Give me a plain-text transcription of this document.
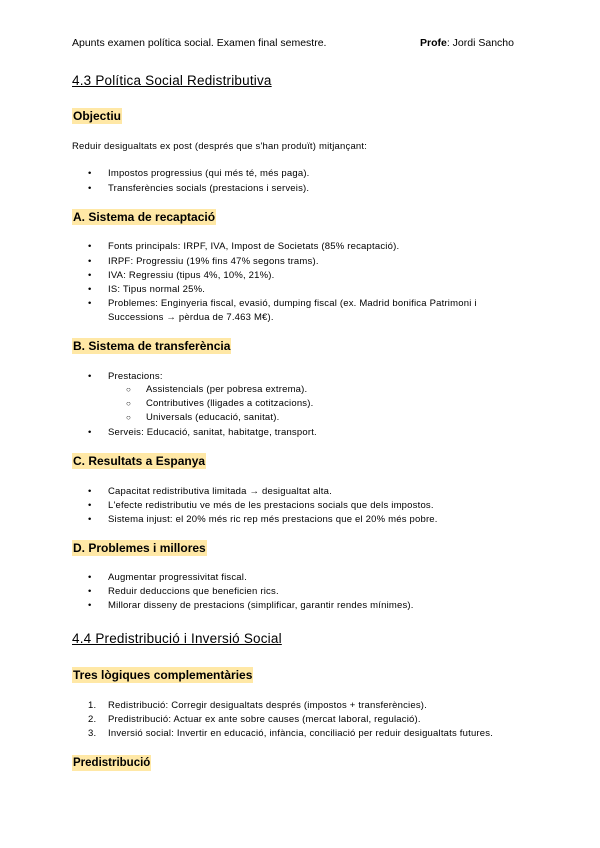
Apunts examen política social. Examen final semestre.	Profe: Jordi Sancho
4.3 Política Social Redistributiva
Objectiu
Reduir desigualtats ex post (després que s'han produït) mitjançant:
• Impostos progressius (qui més té, més paga).
• Transferències socials (prestacions i serveis).
A. Sistema de recaptació
• Fonts principals: IRPF, IVA, Impost de Societats (85% recaptació).
• IRPF: Progressiu (19% fins 47% segons trams).
• IVA: Regressiu (tipus 4%, 10%, 21%).
• IS: Tipus normal 25%.
• Problemes: Enginyeria fiscal, evasió, dumping fiscal (ex. Madrid bonifica Patrimoni i
Successions → pèrdua de 7.463 M€).
B. Sistema de transferència
• Prestacions:
○ Assistencials (per pobresa extrema).
○ Contributives (lligades a cotitzacions).
○ Universals (educació, sanitat).
• Serveis: Educació, sanitat, habitatge, transport.
C. Resultats a Espanya
• Capacitat redistributiva limitada → desigualtat alta.
• L'efecte redistributiu ve més de les prestacions socials que dels impostos.
• Sistema injust: el 20% més ric rep més prestacions que el 20% més pobre.
D. Problemes i millores
• Augmentar progressivitat fiscal.
• Reduir deduccions que beneficien rics.
• Millorar disseny de prestacions (simplificar, garantir rendes mínimes).
4.4 Predistribució i Inversió Social
Tres lògiques complementàries
1. Redistribució: Corregir desigualtats després (impostos + transferències).
2. Predistribució: Actuar ex ante sobre causes (mercat laboral, regulació).
3. Inversió social: Invertir en educació, infància, conciliació per reduir desigualtats futures.
Predistribució
